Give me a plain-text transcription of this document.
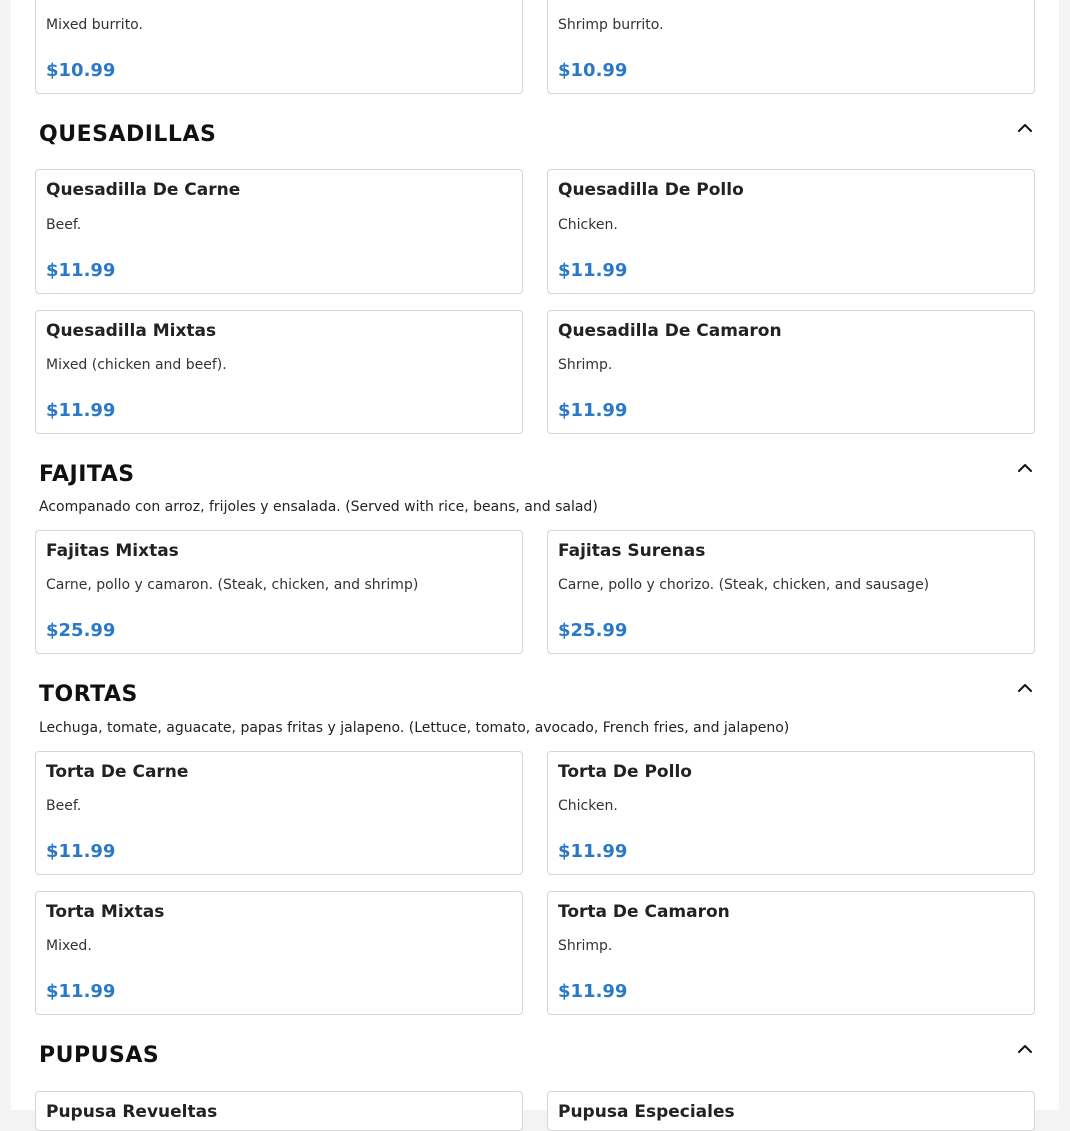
Mixed burrito.
$10.99
Shrimp burrito.
$10.99
QUESADILLAS
Quesadilla De Carne
Beef.
$11.99
Quesadilla De Pollo
Chicken.
$11.99
Quesadilla Mixtas
Mixed (chicken and beef).
$11.99
Quesadilla De Camaron
Shrimp.
$11.99
FAJITAS
Acompanado con arroz, frijoles y ensalada. (Served with rice, beans, and salad)
Fajitas Mixtas
Carne, pollo y camaron. (Steak, chicken, and shrimp)
$25.99
Fajitas Surenas
Carne, pollo y chorizo. (Steak, chicken, and sausage)
$25.99
TORTAS
Lechuga, tomate, aguacate, papas fritas y jalapeno. (Lettuce, tomato, avocado, French fries, and jalapeno)
Torta De Carne
Beef.
$11.99
Torta De Pollo
Chicken.
$11.99
Torta Mixtas
Mixed.
$11.99
Torta De Camaron
Shrimp.
$11.99
PUPUSAS
Pupusa Revueltas	Pupusa Especiales
